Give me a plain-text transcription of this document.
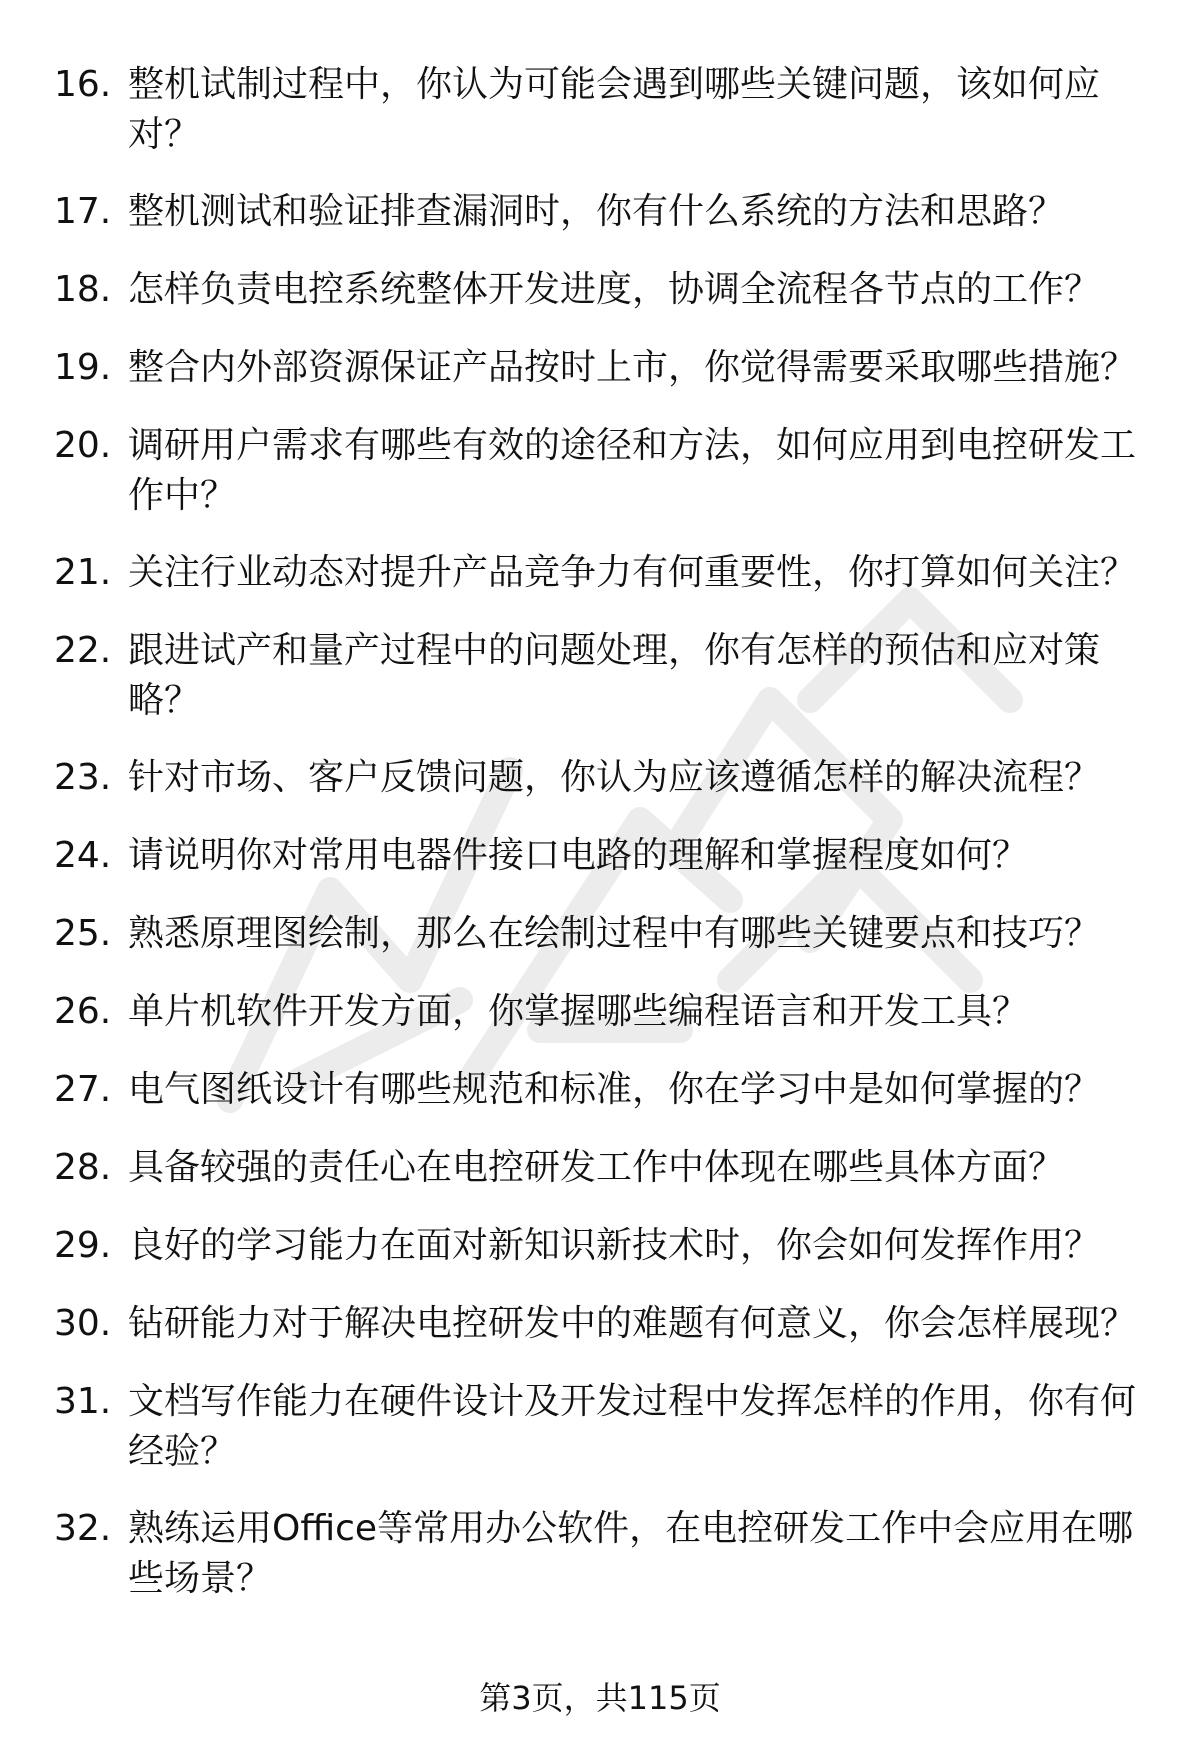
16. 整机试制过程中，你认为可能会遇到哪些关键问题，该如何应对？
17. 整机测试和验证排查漏洞时，你有什么系统的方法和思路？
18. 怎样负责电控系统整体开发进度，协调全流程各节点的工作？
19. 整合内外部资源保证产品按时上市，你觉得需要采取哪些措施？
20. 调研用户需求有哪些有效的途径和方法，如何应用到电控研发工作中？
21. 关注行业动态对提升产品竞争力有何重要性，你打算如何关注？
22. 跟进试产和量产过程中的问题处理，你有怎样的预估和应对策略？
23. 针对市场、客户反馈问题，你认为应该遵循怎样的解决流程？
24. 请说明你对常用电器件接口电路的理解和掌握程度如何？
25. 熟悉原理图绘制，那么在绘制过程中有哪些关键要点和技巧？
26. 单片机软件开发方面，你掌握哪些编程语言和开发工具？
27. 电气图纸设计有哪些规范和标准，你在学习中是如何掌握的？
28. 具备较强的责任心在电控研发工作中体现在哪些具体方面？
29. 良好的学习能力在面对新知识新技术时，你会如何发挥作用？
30. 钻研能力对于解决电控研发中的难题有何意义，你会怎样展现？
31. 文档写作能力在硬件设计及开发过程中发挥怎样的作用，你有何经验？
32. 熟练运用Office等常用办公软件，在电控研发工作中会应用在哪些场景？
第3页，共115页
